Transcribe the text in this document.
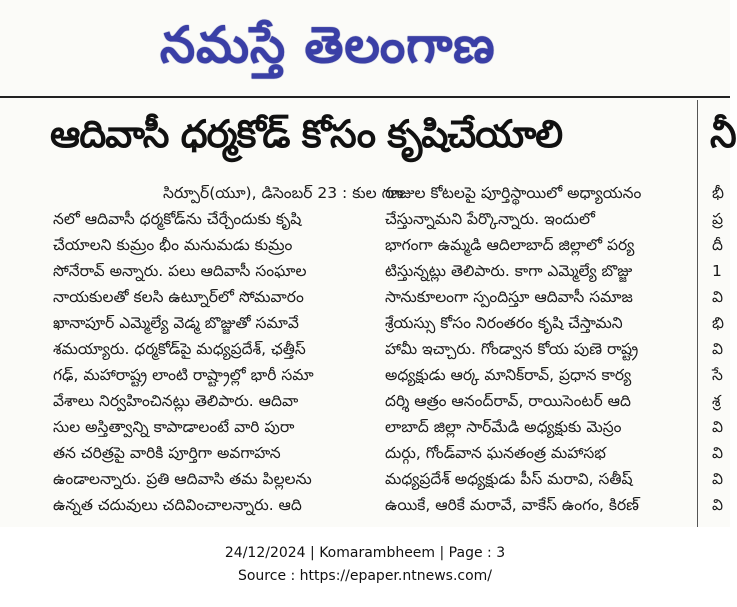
నమస్తే తెలంగాణ
ఆదివాసీ ధర్మకోడ్ కోసం కృషిచేయాలి	నీ
సిర్పూర్(యూ), డిసెంబర్ 23 : కుల గణ
నలో ఆదివాసీ ధర్మకోడ్‌ను చేర్చేందుకు కృషి
చేయాలని కుమ్రం భీం మనుమడు కుమ్రం
సోనేరావ్ అన్నారు. పలు ఆదివాసీ సంఘాల
నాయకులతో కలసి ఉట్నూర్‌లో సోమవారం
ఖానాపూర్ ఎమ్మెల్యే వెడ్మ బొజ్జుతో సమావే
శమయ్యారు. ధర్మకోడ్‌పై మధ్యప్రదేశ్, ఛత్తీస్
గఢ్, మహారాష్ట్ర లాంటి రాష్ట్రాల్లో భారీ సమా
వేశాలు నిర్వహించినట్లు తెలిపారు. ఆదివా
సుల అస్తిత్వాన్ని కాపాడాలంటే వారి పురా
తన చరిత్రపై వారికి పూర్తిగా అవగాహన
ఉండాలన్నారు. ప్రతి ఆదివాసి తమ పిల్లలను
ఉన్నత చదువులు చదివించాలన్నారు. ఆది
రాజుల కోటలపై పూర్తిస్థాయిలో అధ్యాయనం
చేస్తున్నామని పేర్కొన్నారు. ఇందులో
భాగంగా ఉమ్మడి ఆదిలాబాద్ జిల్లాలో పర్య
టిస్తున్నట్లు తెలిపారు. కాగా ఎమ్మెల్యే బొజ్జు
సానుకూలంగా స్పందిస్తూ ఆదివాసీ సమాజ
శ్రేయస్సు కోసం నిరంతరం కృషి చేస్తామని
హామీ ఇచ్చారు. గోండ్వాన కోయ పుణె రాష్ట్ర
అధ్యక్షుడు ఆర్క మానిక్‌రావ్, ప్రధాన కార్య
దర్శి ఆత్రం ఆనంద్‌రావ్, రాయిసెంటర్ ఆది
లాబాద్ జిల్లా సార్‌మేడి అధ్యక్షుకు మెస్రం
దుర్గు, గోండ్‌వాన ఘనతంత్ర మహాసభ
మధ్యప్రదేశ్ అధ్యక్షుడు పీస్ మరావి, సతీష్
ఉయికే, ఆరికే మరావే, వాకేస్ ఉంగం, కిరణ్
భీ
ప్ర
దీ
1
వి
భి
వి
సే
శ్ర
వి
వి
వి
వి
24/12/2024 | Komarambheem | Page : 3
Source : https://epaper.ntnews.com/
